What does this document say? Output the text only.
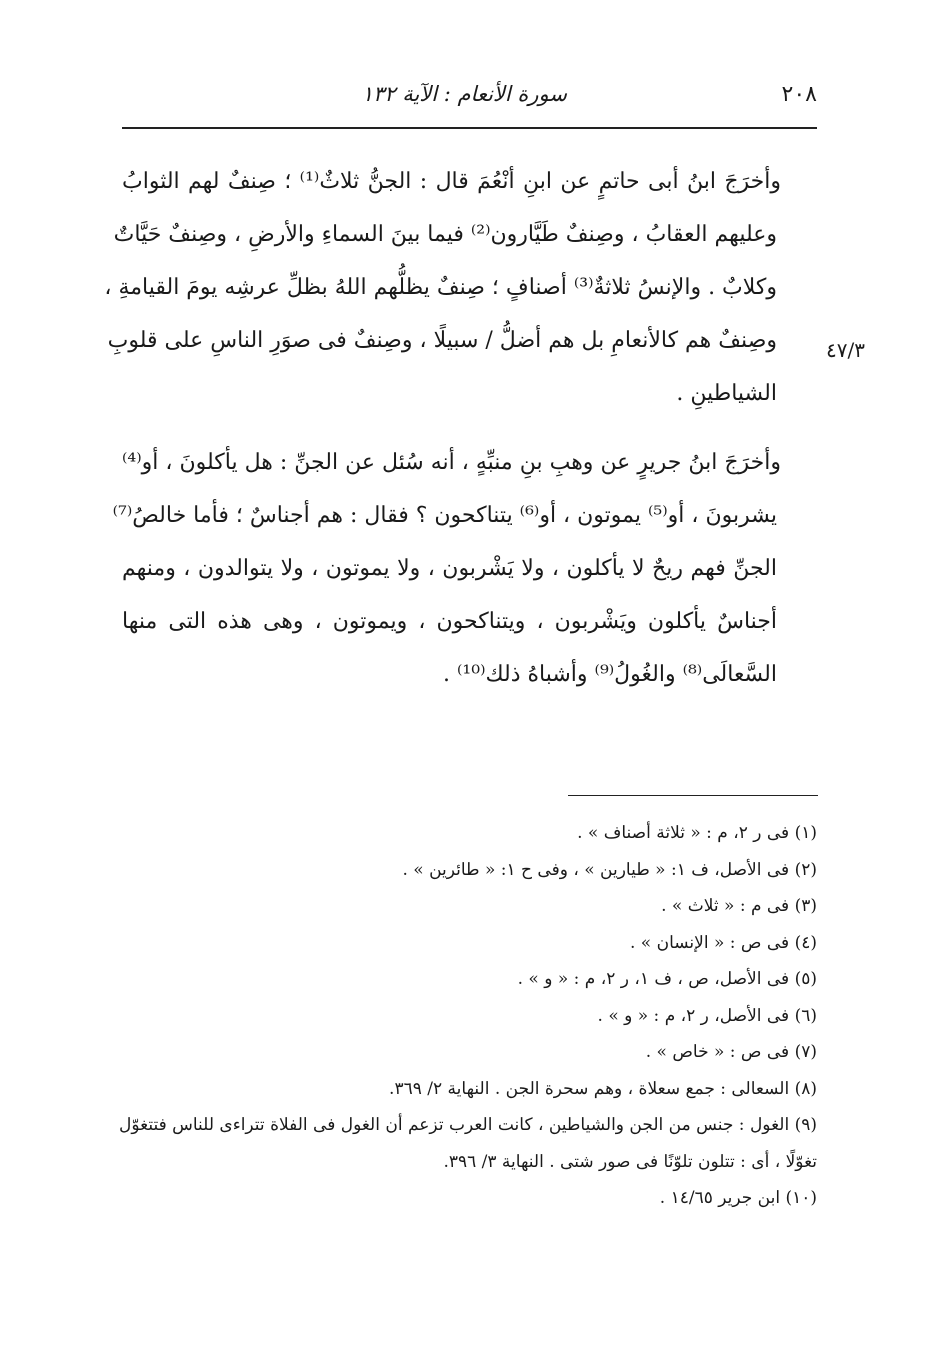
٢٠٨
سورة الأنعام : الآية ١٣٢
٤٧/٣

وأخرَجَ ابنُ أبى حاتمٍ عن ابنِ أنْعُمَ قال : الجنُّ ثلاثٌ⁽¹⁾ ؛ صِنفٌ لهم الثوابُ
وعليهم العقابُ ، وصِنفٌ طَيَّارون⁽²⁾ فيما بينَ السماءِ والأرضِ ، وصِنفٌ حَيَّاتٌ
وكلابٌ . والإنسُ ثلاثةٌ⁽³⁾ أصنافٍ ؛ صِنفٌ يظلُّهم اللهُ بظلِّ عرشِه يومَ القيامةِ ،
وصِنفٌ هم كالأنعامِ بل هم أضلُّ / سبيلًا ، وصِنفٌ فى صوَرِ الناسِ على قلوبِ
الشياطينِ .

وأخرَجَ ابنُ جريرٍ عن وهبِ بنِ منبِّهٍ ، أنه سُئل عن الجنِّ : هل يأكلونَ ، أو⁽⁴⁾
يشربونَ ، أو⁽⁵⁾ يموتون ، أو⁽⁶⁾ يتناكحون ؟ فقال : هم أجناسٌ ؛ فأما خالصُ⁽⁷⁾
الجنِّ فهم ريحٌ لا يأكلون ، ولا يَشْربون ، ولا يموتون ، ولا يتوالدون ، ومنهم
أجناسٌ يأكلون ويَشْربون ، ويتناكحون ، ويموتون ، وهى هذه التى منها
السَّعالَى⁽⁸⁾ والغُولُ⁽⁹⁾ وأشباهُ ذلك⁽¹⁰⁾ .

(١) فى ر ٢، م : « ثلاثة أصناف » .

(٢) فى الأصل، ف ١: « طيارين » ، وفى ح ١: « طائرين » .

(٣) فى م : « ثلاث » .

(٤) فى ص : « الإنسان » .

(٥) فى الأصل، ص ، ف ١، ر ٢، م : « و » .

(٦) فى الأصل، ر ٢، م : « و » .

(٧) فى ص : « خاص » .

(٨) السعالى : جمع سعلاة ، وهم سحرة الجن . النهاية ٢/ ٣٦٩.

(٩) الغول : جنس من الجن والشياطين ، كانت العرب تزعم أن الغول فى الفلاة تتراءى للناس فتتغوّل

تغوّلًا ، أى : تتلون تلوّنًا فى صور شتى . النهاية ٣/ ٣٩٦.

(١٠) ابن جرير ١٤/٦٥ .
